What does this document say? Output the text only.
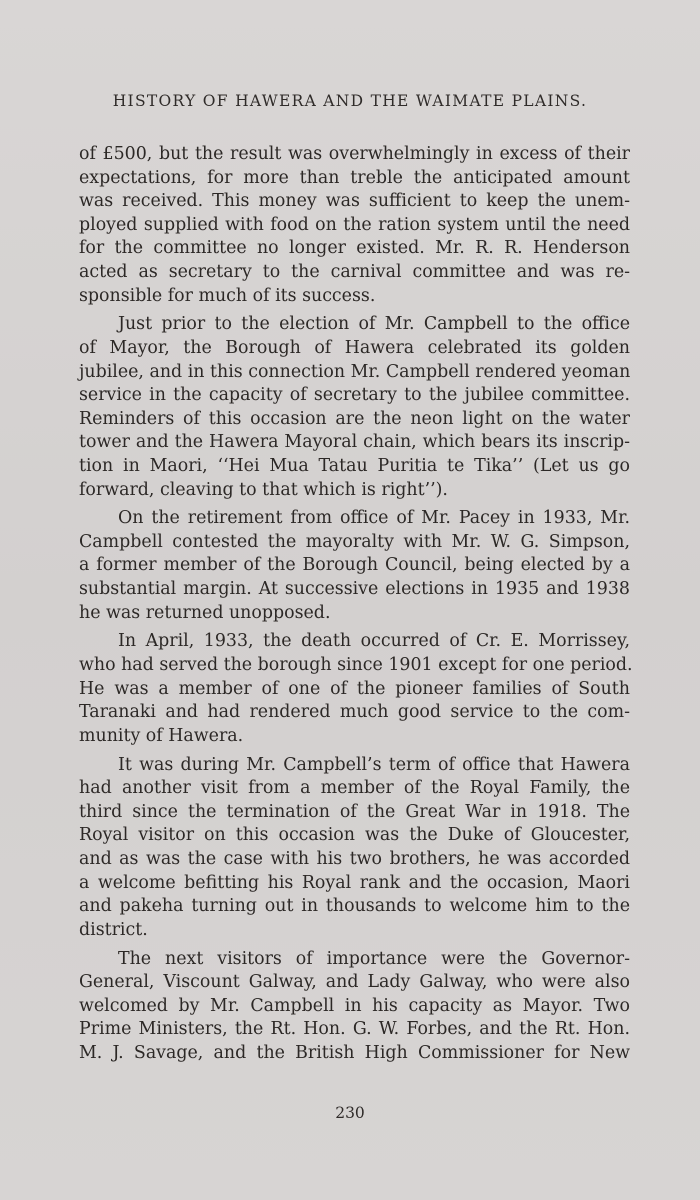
HISTORY OF HAWERA AND THE WAIMATE PLAINS.
of £500, but the result was overwhelmingly in excess of their
expectations, for more than treble the anticipated amount
was received. This money was sufficient to keep the unem-
ployed supplied with food on the ration system until the need
for the committee no longer existed. Mr. R. R. Henderson
acted as secretary to the carnival committee and was re-
sponsible for much of its success.
Just prior to the election of Mr. Campbell to the office
of Mayor, the Borough of Hawera celebrated its golden
jubilee, and in this connection Mr. Campbell rendered yeoman
service in the capacity of secretary to the jubilee committee.
Reminders of this occasion are the neon light on the water
tower and the Hawera Mayoral chain, which bears its inscrip-
tion in Maori, ‘‘Hei Mua Tatau Puritia te Tika’’ (Let us go
forward, cleaving to that which is right’’).
On the retirement from office of Mr. Pacey in 1933, Mr.
Campbell contested the mayoralty with Mr. W. G. Simpson,
a former member of the Borough Council, being elected by a
substantial margin. At successive elections in 1935 and 1938
he was returned unopposed.
In April, 1933, the death occurred of Cr. E. Morrissey,
who had served the borough since 1901 except for one period.
He was a member of one of the pioneer families of South
Taranaki and had rendered much good service to the com-
munity of Hawera.
It was during Mr. Campbell’s term of office that Hawera
had another visit from a member of the Royal Family, the
third since the termination of the Great War in 1918. The
Royal visitor on this occasion was the Duke of Gloucester,
and as was the case with his two brothers, he was accorded
a welcome befitting his Royal rank and the occasion, Maori
and pakeha turning out in thousands to welcome him to the
district.
The next visitors of importance were the Governor-
General, Viscount Galway, and Lady Galway, who were also
welcomed by Mr. Campbell in his capacity as Mayor. Two
Prime Ministers, the Rt. Hon. G. W. Forbes, and the Rt. Hon.
M. J. Savage, and the British High Commissioner for New
230
